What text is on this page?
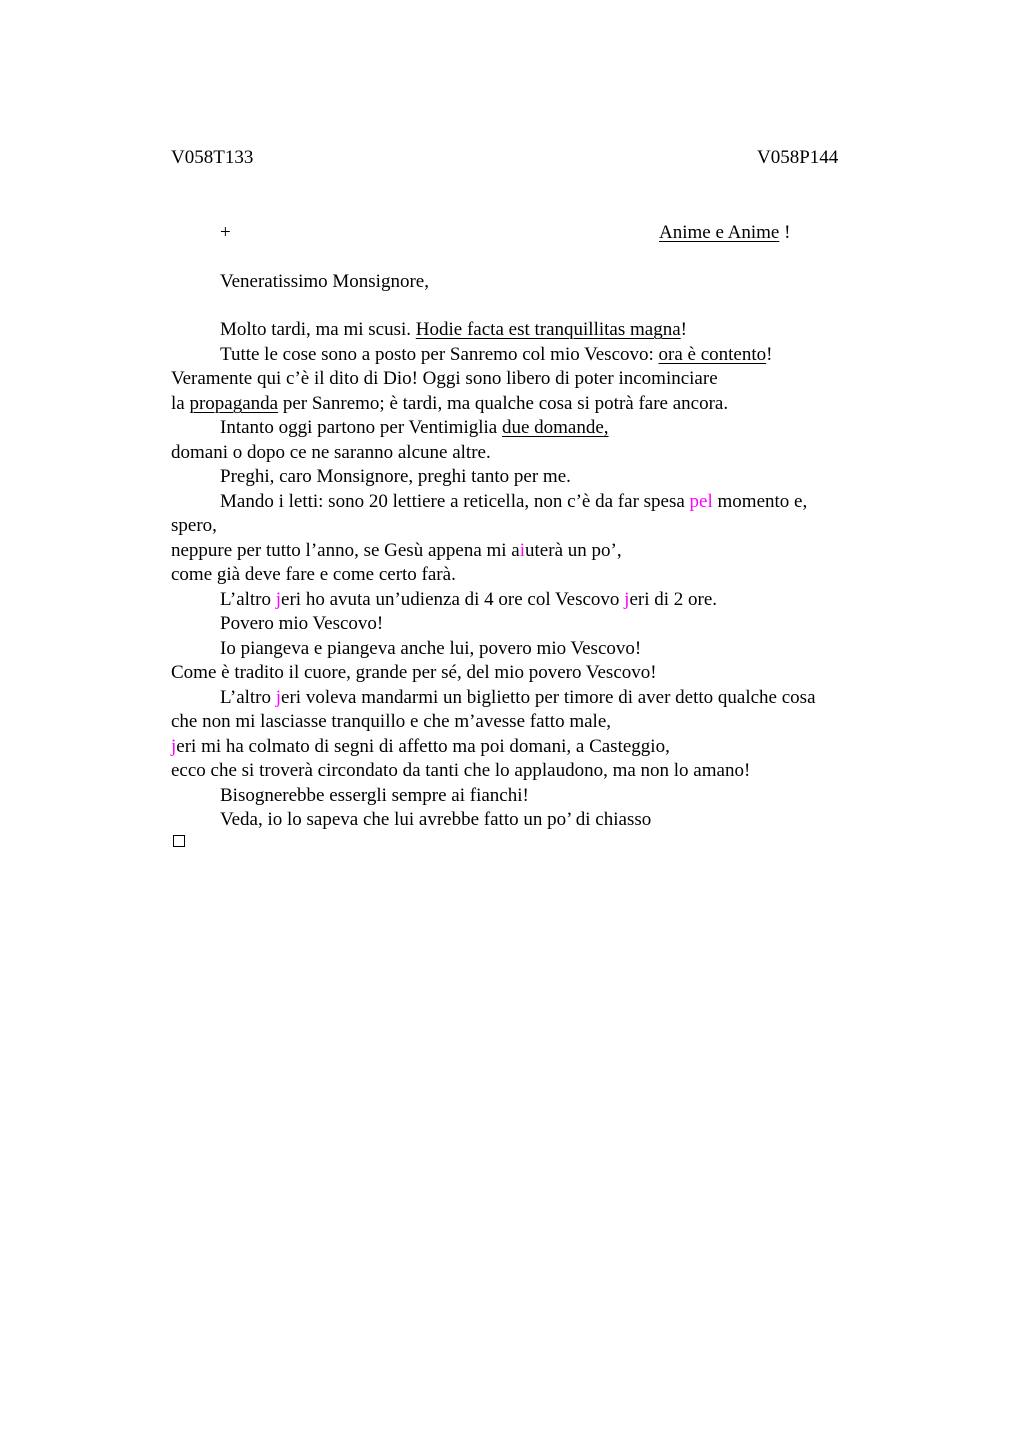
V058T133	V058P144
+	Anime e Anime !
Veneratissimo Monsignore,
Molto tardi, ma mi scusi. Hodie facta est tranquillitas magna!
Tutte le cose sono a posto per Sanremo col mio Vescovo: ora è contento!
Veramente qui c’è il dito di Dio! Oggi sono libero di poter incominciare
la propaganda per Sanremo; è tardi, ma qualche cosa si potrà fare ancora.
Intanto oggi partono per Ventimiglia due domande,
domani o dopo ce ne saranno alcune altre.
Preghi, caro Monsignore, preghi tanto per me.
Mando i letti: sono 20 lettiere a reticella, non c’è da far spesa pel momento e,
spero,
neppure per tutto l’anno, se Gesù appena mi aiuterà un po’,
come già deve fare e come certo farà.
L’altro jeri ho avuta un’udienza di 4 ore col Vescovo jeri di 2 ore.
Povero mio Vescovo!
Io piangeva e piangeva anche lui, povero mio Vescovo!
Come è tradito il cuore, grande per sé, del mio povero Vescovo!
L’altro jeri voleva mandarmi un biglietto per timore di aver detto qualche cosa
che non mi lasciasse tranquillo e che m’avesse fatto male,
jeri mi ha colmato di segni di affetto ma poi domani, a Casteggio,
ecco che si troverà circondato da tanti che lo applaudono, ma non lo amano!
Bisognerebbe essergli sempre ai fianchi!
Veda, io lo sapeva che lui avrebbe fatto un po’ di chiasso
